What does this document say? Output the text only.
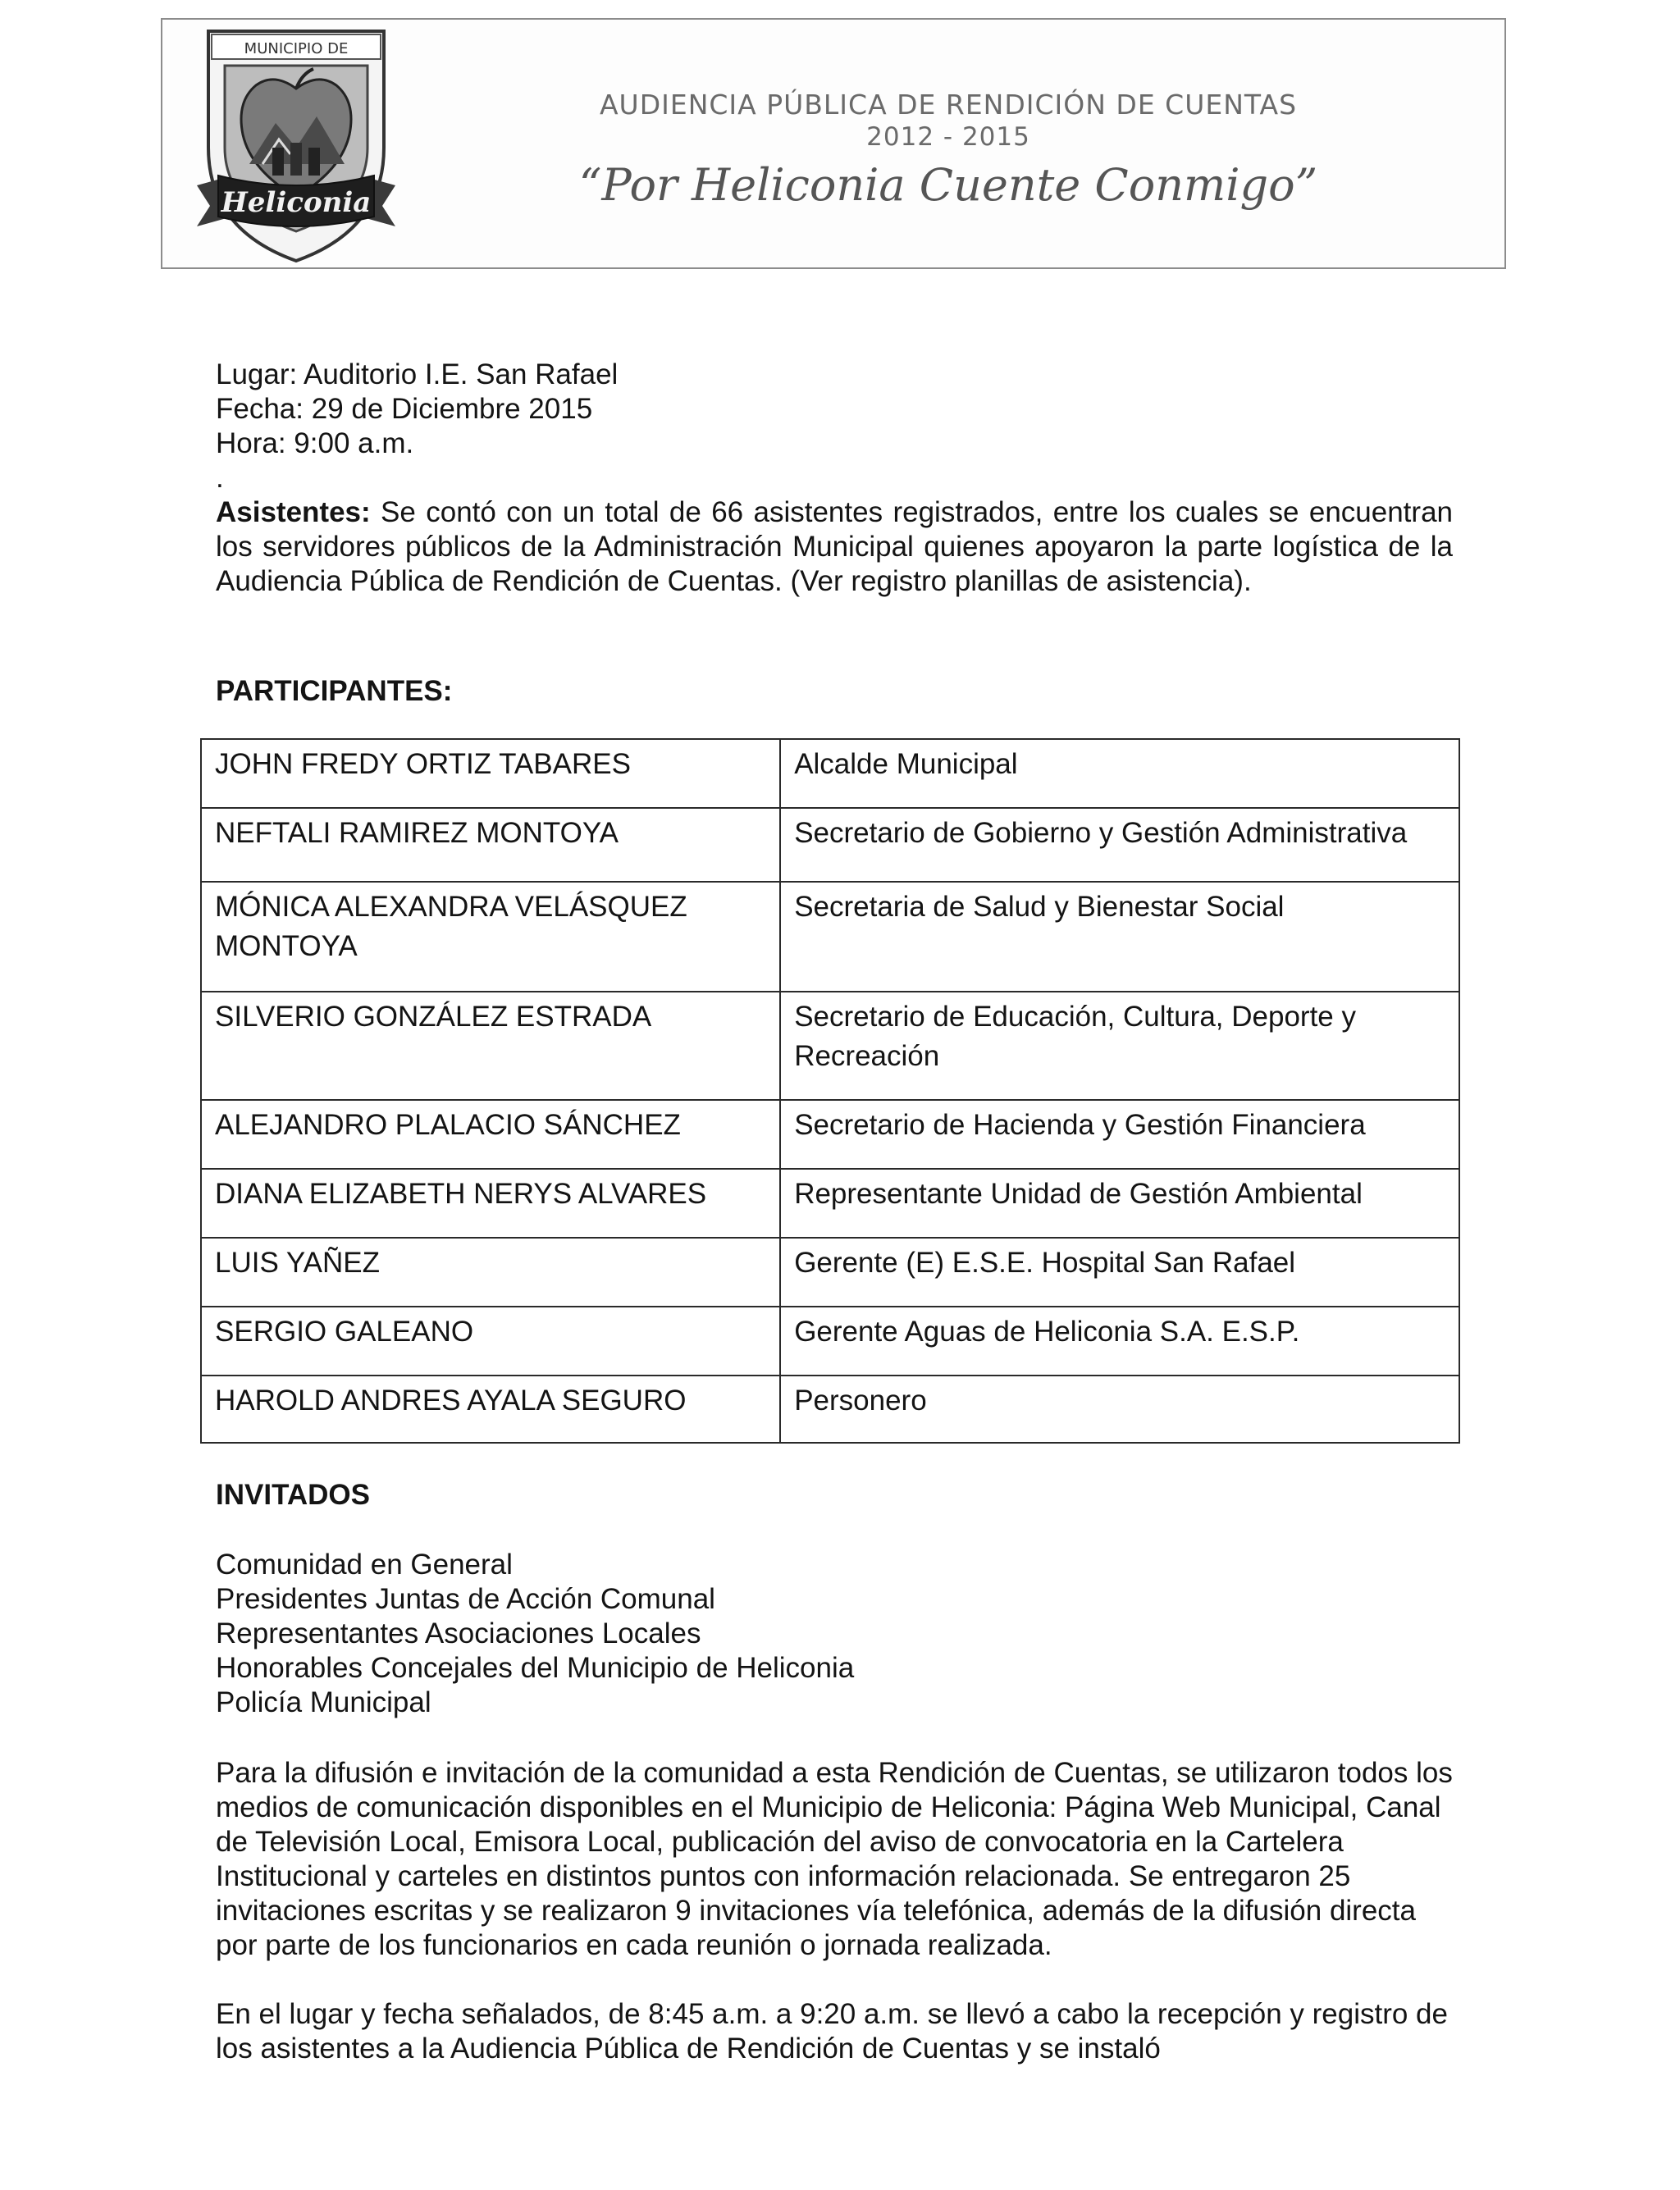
MUNICIPIO DE
Heliconia

AUDIENCIA PÚBLICA DE RENDICIÓN DE CUENTAS

2012 - 2015

“Por Heliconia Cuente Conmigo”

Lugar: Auditorio I.E. San Rafael

Fecha: 29 de Diciembre 2015

Hora: 9:00 a.m.

.

Asistentes: Se contó con un total de 66 asistentes registrados, entre los cuales se encuentran los servidores públicos de la Administración Municipal quienes apoyaron la parte logística de la Audiencia Pública de Rendición de Cuentas. (Ver registro planillas de asistencia).

PARTICIPANTES:

JOHN FREDY ORTIZ TABARES	Alcalde Municipal
NEFTALI RAMIREZ MONTOYA	Secretario de Gobierno y Gestión Administrativa
MÓNICA ALEXANDRA VELÁSQUEZ MONTOYA	Secretaria de Salud y Bienestar Social
SILVERIO GONZÁLEZ ESTRADA	Secretario de Educación, Cultura, Deporte y Recreación
ALEJANDRO PLALACIO SÁNCHEZ	Secretario de Hacienda y Gestión Financiera
DIANA ELIZABETH NERYS ALVARES	Representante Unidad de Gestión Ambiental
LUIS YAÑEZ	Gerente (E) E.S.E. Hospital San Rafael
SERGIO GALEANO	Gerente Aguas de Heliconia S.A. E.S.P.
HAROLD ANDRES AYALA SEGURO	Personero

INVITADOS

Comunidad en General
Presidentes Juntas de Acción Comunal
Representantes Asociaciones Locales
Honorables Concejales del Municipio de Heliconia
Policía Municipal

Para la difusión e invitación de la comunidad a esta Rendición de Cuentas, se utilizaron todos los medios de comunicación disponibles en el Municipio de Heliconia: Página Web Municipal, Canal de Televisión Local, Emisora Local, publicación del aviso de convocatoria en la Cartelera Institucional y carteles en distintos puntos con información relacionada. Se entregaron 25 invitaciones escritas y se realizaron 9 invitaciones vía telefónica, además de la difusión directa por parte de los funcionarios en cada reunión o jornada realizada.

En el lugar y fecha señalados, de 8:45 a.m. a 9:20 a.m. se llevó a cabo la recepción y registro de los asistentes a la Audiencia Pública de Rendición de Cuentas y se instaló
